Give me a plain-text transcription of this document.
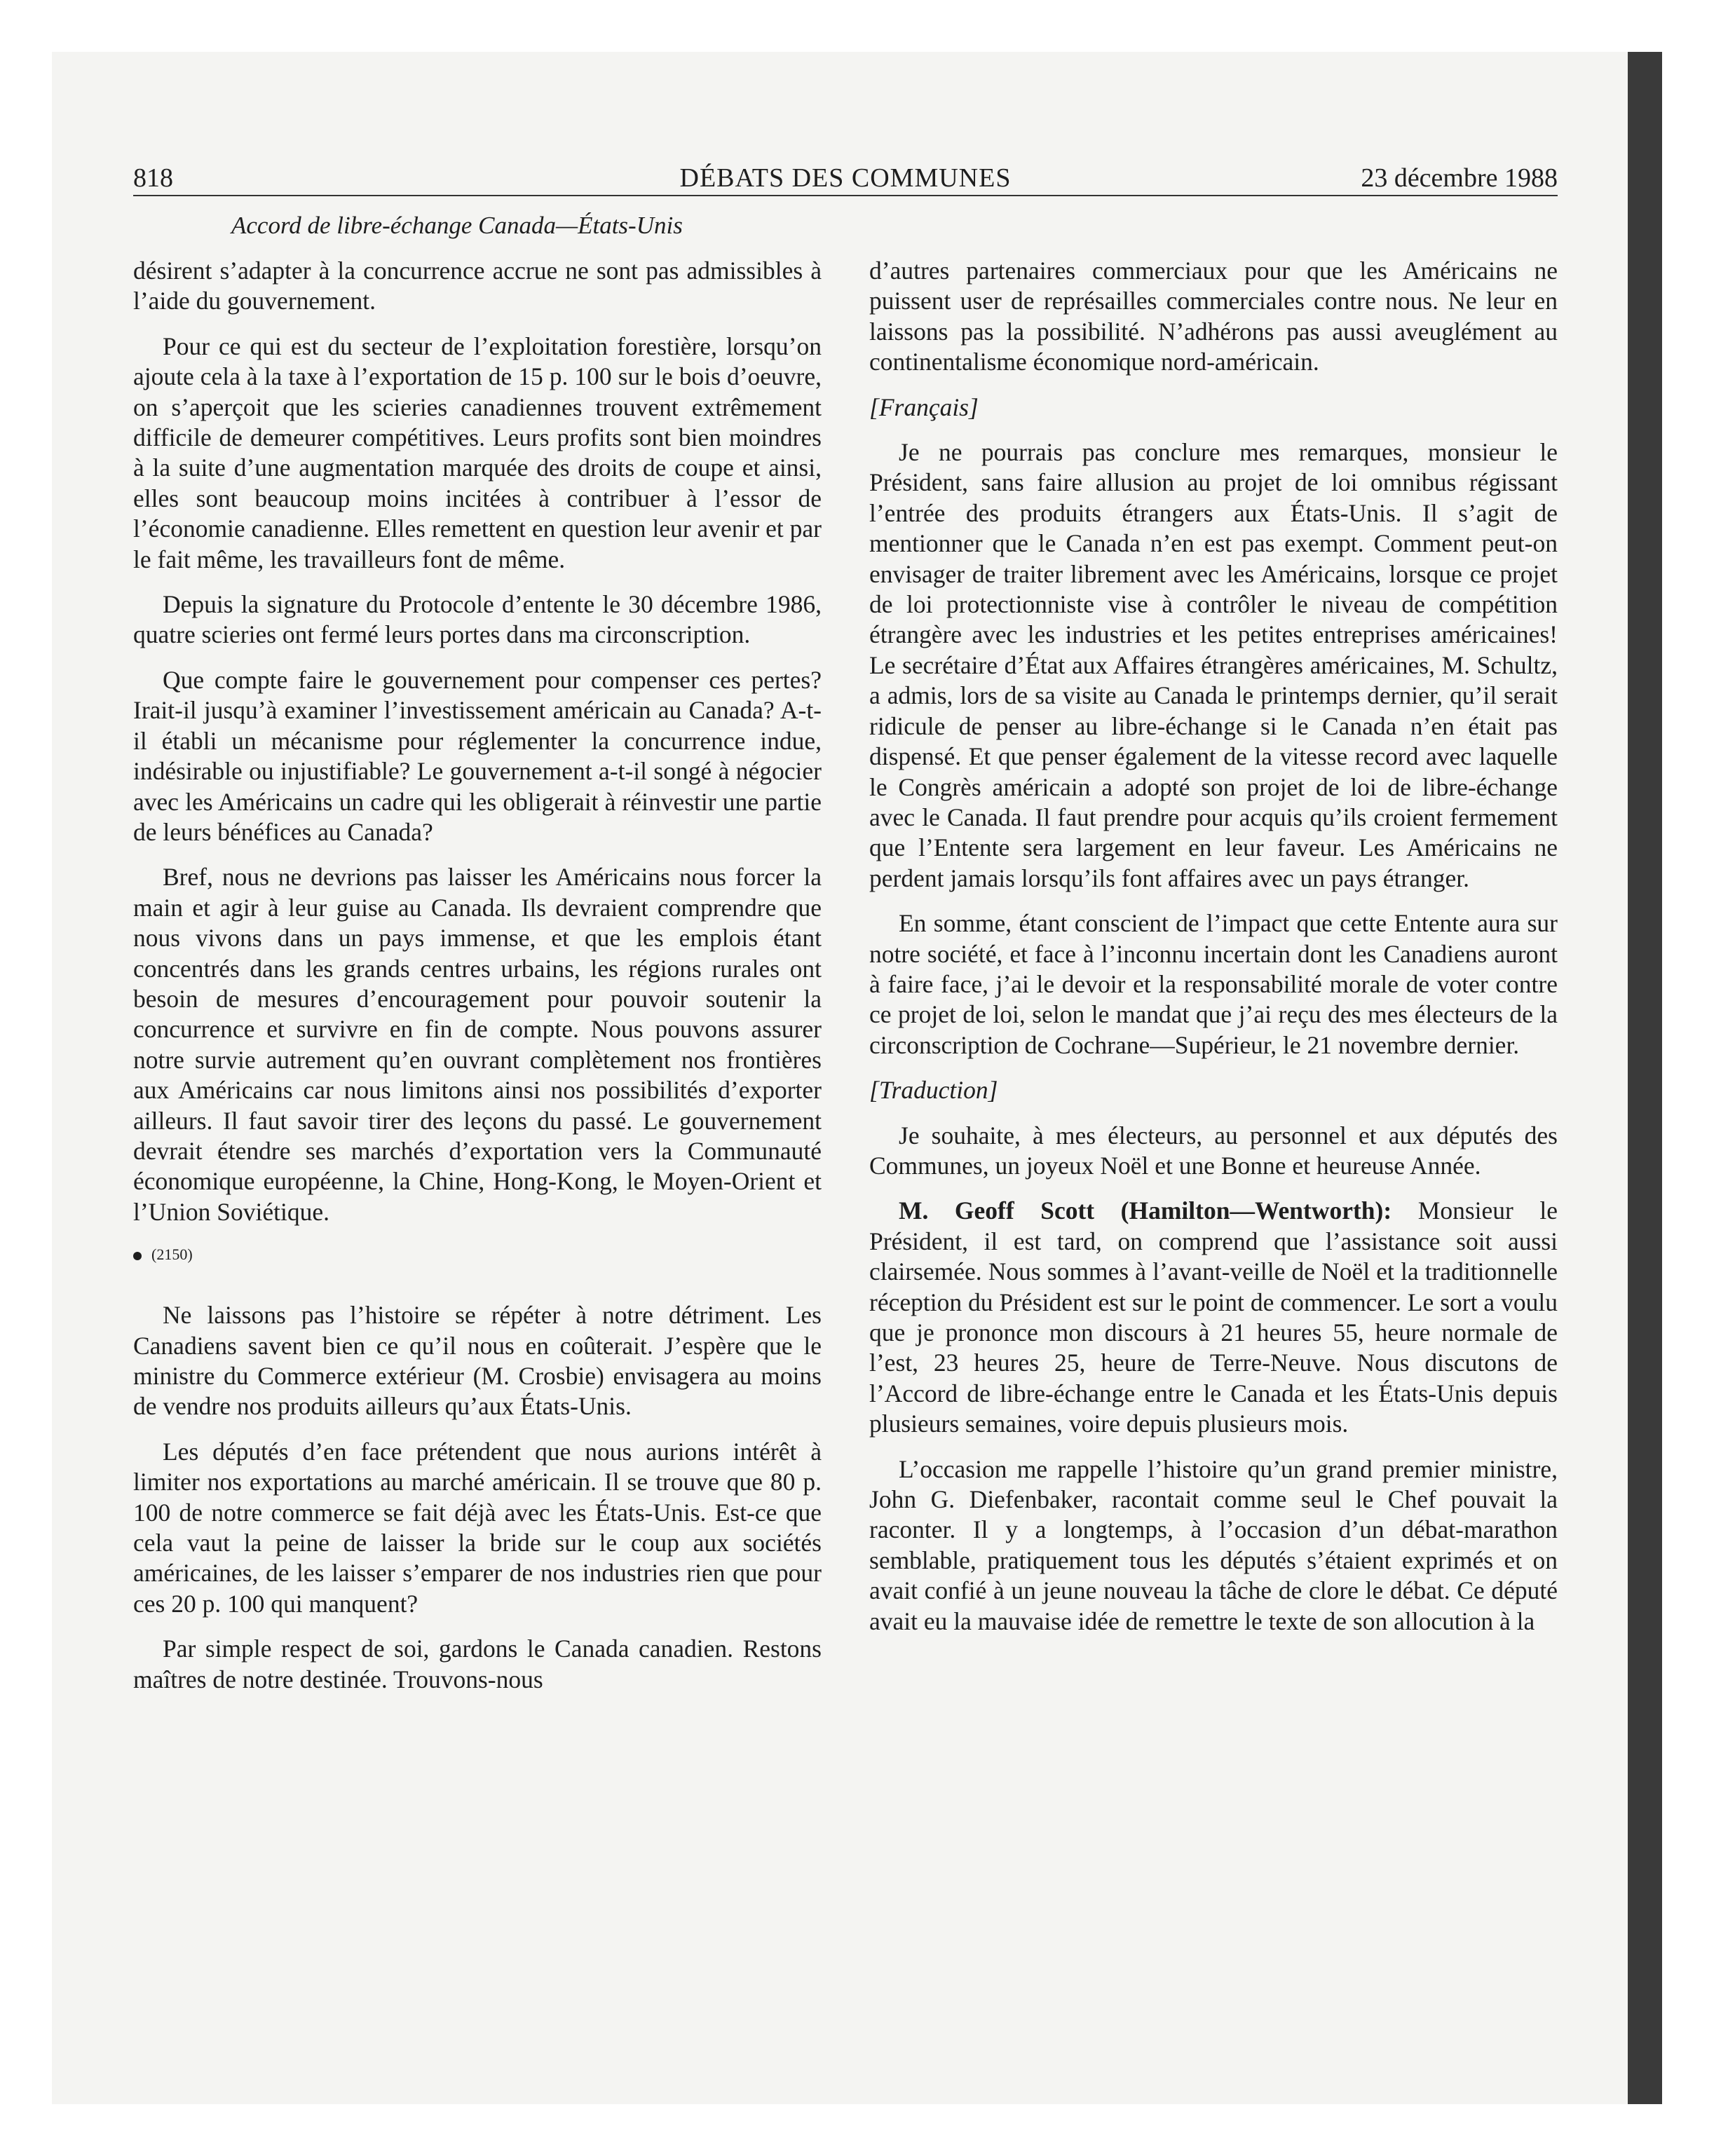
818	DÉBATS DES COMMUNES	23 décembre 1988
Accord de libre-échange Canada—États-Unis

désirent s’adapter à la concurrence accrue ne sont pas admissibles à l’aide du gouvernement.

Pour ce qui est du secteur de l’exploitation forestière, lorsqu’on ajoute cela à la taxe à l’exportation de 15 p. 100 sur le bois d’oeuvre, on s’aperçoit que les scieries canadiennes trouvent extrêmement difficile de demeurer compétitives. Leurs profits sont bien moindres à la suite d’une augmentation marquée des droits de coupe et ainsi, elles sont beaucoup moins incitées à contribuer à l’essor de l’économie canadienne. Elles remettent en question leur avenir et par le fait même, les travailleurs font de même.

Depuis la signature du Protocole d’entente le 30 décembre 1986, quatre scieries ont fermé leurs portes dans ma circonscription.

Que compte faire le gouvernement pour compenser ces pertes? Irait-il jusqu’à examiner l’investissement américain au Canada? A-t-il établi un mécanisme pour réglementer la concurrence indue, indésirable ou injustifiable? Le gouvernement a-t-il songé à négocier avec les Américains un cadre qui les obligerait à réinvestir une partie de leurs bénéfices au Canada?

Bref, nous ne devrions pas laisser les Américains nous forcer la main et agir à leur guise au Canada. Ils devraient comprendre que nous vivons dans un pays immense, et que les emplois étant concentrés dans les grands centres urbains, les régions rurales ont besoin de mesures d’encouragement pour pouvoir soutenir la concurrence et survivre en fin de compte. Nous pouvons assurer notre survie autrement qu’en ouvrant complètement nos frontières aux Américains car nous limitons ainsi nos possibilités d’exporter ailleurs. Il faut savoir tirer des leçons du passé. Le gouvernement devrait étendre ses marchés d’exportation vers la Communauté économique européenne, la Chine, Hong-Kong, le Moyen-Orient et l’Union Soviétique.

(2150)

Ne laissons pas l’histoire se répéter à notre détriment. Les Canadiens savent bien ce qu’il nous en coûterait. J’espère que le ministre du Commerce extérieur (M. Crosbie) envisagera au moins de vendre nos produits ailleurs qu’aux États-Unis.

Les députés d’en face prétendent que nous aurions intérêt à limiter nos exportations au marché américain. Il se trouve que 80 p. 100 de notre commerce se fait déjà avec les États-Unis. Est-ce que cela vaut la peine de laisser la bride sur le coup aux sociétés américaines, de les laisser s’emparer de nos industries rien que pour ces 20 p. 100 qui manquent?

Par simple respect de soi, gardons le Canada canadien. Restons maîtres de notre destinée. Trouvons-nous

d’autres partenaires commerciaux pour que les Américains ne puissent user de représailles commerciales contre nous. Ne leur en laissons pas la possibilité. N’adhérons pas aussi aveuglément au continentalisme économique nord-américain.

[Français]

Je ne pourrais pas conclure mes remarques, monsieur le Président, sans faire allusion au projet de loi omnibus régissant l’entrée des produits étrangers aux États-Unis. Il s’agit de mentionner que le Canada n’en est pas exempt. Comment peut-on envisager de traiter librement avec les Américains, lorsque ce projet de loi protectionniste vise à contrôler le niveau de compétition étrangère avec les industries et les petites entreprises américaines! Le secrétaire d’État aux Affaires étrangères américaines, M. Schultz, a admis, lors de sa visite au Canada le printemps dernier, qu’il serait ridicule de penser au libre-échange si le Canada n’en était pas dispensé. Et que penser également de la vitesse record avec laquelle le Congrès américain a adopté son projet de loi de libre-échange avec le Canada. Il faut prendre pour acquis qu’ils croient fermement que l’Entente sera largement en leur faveur. Les Américains ne perdent jamais lorsqu’ils font affaires avec un pays étranger.

En somme, étant conscient de l’impact que cette Entente aura sur notre société, et face à l’inconnu incertain dont les Canadiens auront à faire face, j’ai le devoir et la responsabilité morale de voter contre ce projet de loi, selon le mandat que j’ai reçu des mes électeurs de la circonscription de Cochrane—Supérieur, le 21 novembre dernier.

[Traduction]

Je souhaite, à mes électeurs, au personnel et aux députés des Communes, un joyeux Noël et une Bonne et heureuse Année.

M. Geoff Scott (Hamilton—Wentworth): Monsieur le Président, il est tard, on comprend que l’assistance soit aussi clairsemée. Nous sommes à l’avant-veille de Noël et la traditionnelle réception du Président est sur le point de commencer. Le sort a voulu que je prononce mon discours à 21 heures 55, heure normale de l’est, 23 heures 25, heure de Terre-Neuve. Nous discutons de l’Accord de libre-échange entre le Canada et les États-Unis depuis plusieurs semaines, voire depuis plusieurs mois.

L’occasion me rappelle l’histoire qu’un grand premier ministre, John G. Diefenbaker, racontait comme seul le Chef pouvait la raconter. Il y a longtemps, à l’occasion d’un débat-marathon semblable, pratiquement tous les députés s’étaient exprimés et on avait confié à un jeune nouveau la tâche de clore le débat. Ce député avait eu la mauvaise idée de remettre le texte de son allocution à la
